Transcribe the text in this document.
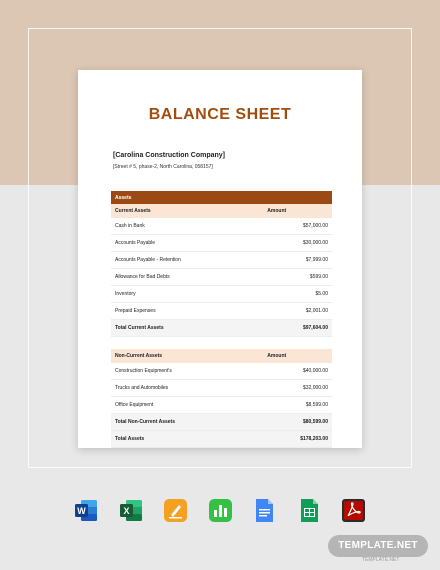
BALANCE SHEET
[Carolina Construction Company]
[Street # 5, phase-2, North Carolina, 058157]
Assets	
Current Assets	Amount
Cash in Bank	$57,000.00
Accounts Payable	$30,000.00
Accounts Payable - Retention	$7,999.00
Allowance for Bad Debts	$599.00
Inventory	$5.00
Prepaid Expenses	$2,001.00
Total Current Assets	$97,604.00

Non-Current Assets	Amount
Construction Equipment's	$40,000.00
Trucks and Automobiles	$32,000.00
Office Equipment	$8,599.00
Total Non-Current Assets	$80,599.00
Total Assets	$178,203.00
W	X
TEMPLATE.NET
TEMPLATE.NET
